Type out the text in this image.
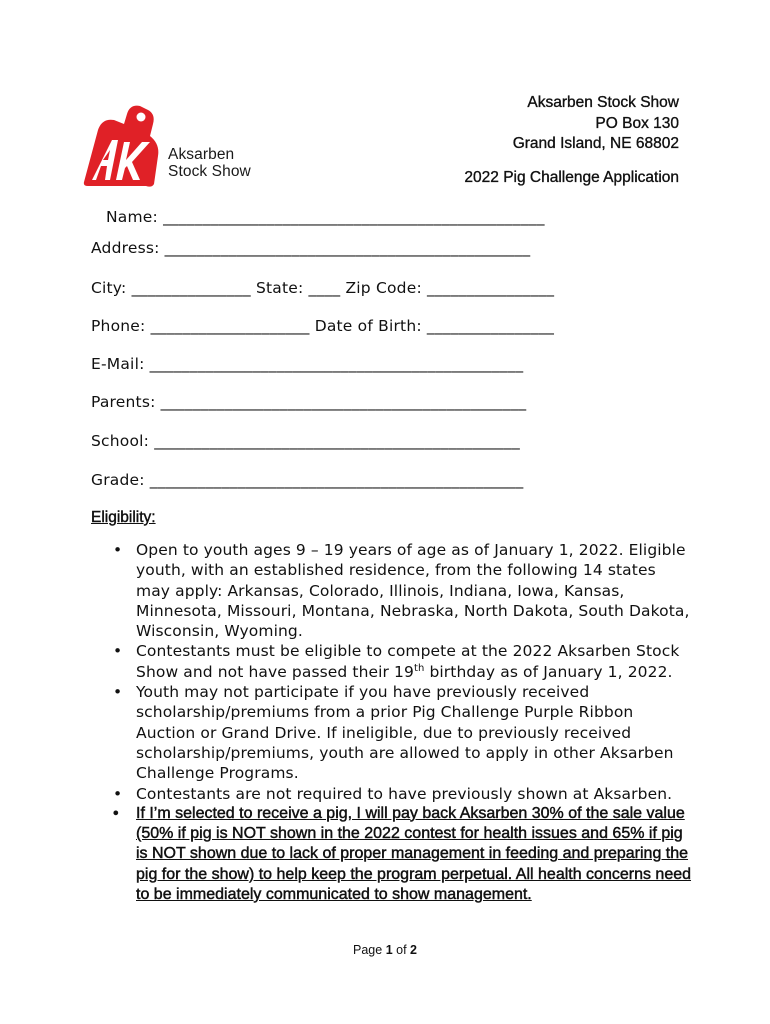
Aksarben
Stock Show
Aksarben Stock Show
PO Box 130
Grand Island, NE 68802
2022 Pig Challenge Application
Name: ________________________________________________
Address: ______________________________________________
City: _______________ State: ____ Zip Code: ________________
Phone: ____________________ Date of Birth: ________________
E-Mail: _______________________________________________
Parents: ______________________________________________
School: ______________________________________________
Grade: _______________________________________________
Eligibility:
• Open to youth ages 9 – 19 years of age as of January 1, 2022. Eligible youth, with an established residence, from the following 14 states may apply: Arkansas, Colorado, Illinois, Indiana, Iowa, Kansas, Minnesota, Missouri, Montana, Nebraska, North Dakota, South Dakota, Wisconsin, Wyoming.
• Contestants must be eligible to compete at the 2022 Aksarben Stock Show and not have passed their 19th birthday as of January 1, 2022.
• Youth may not participate if you have previously received scholarship/premiums from a prior Pig Challenge Purple Ribbon Auction or Grand Drive. If ineligible, due to previously received scholarship/premiums, youth are allowed to apply in other Aksarben Challenge Programs.
• Contestants are not required to have previously shown at Aksarben.
• If I’m selected to receive a pig, I will pay back Aksarben 30% of the sale value (50% if pig is NOT shown in the 2022 contest for health issues and 65% if pig is NOT shown due to lack of proper management in feeding and preparing the pig for the show) to help keep the program perpetual. All health concerns need to be immediately communicated to show management.
Page 1 of 2
